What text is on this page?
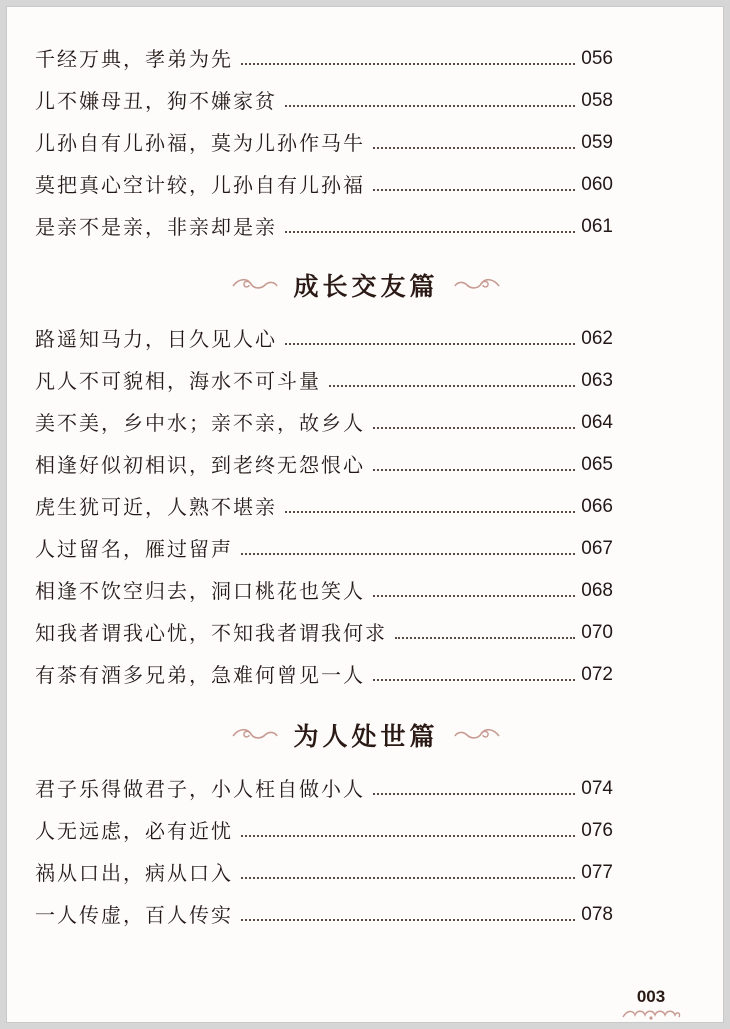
千经万典，孝弟为先	056
儿不嫌母丑，狗不嫌家贫	058
儿孙自有儿孙福，莫为儿孙作马牛	059
莫把真心空计较，儿孙自有儿孙福	060
是亲不是亲，非亲却是亲	061
成长交友篇
路遥知马力，日久见人心	062
凡人不可貌相，海水不可斗量	063
美不美，乡中水；亲不亲，故乡人	064
相逢好似初相识，到老终无怨恨心	065
虎生犹可近，人熟不堪亲	066
人过留名，雁过留声	067
相逢不饮空归去，洞口桃花也笑人	068
知我者谓我心忧，不知我者谓我何求	070
有茶有酒多兄弟，急难何曾见一人	072
为人处世篇
君子乐得做君子，小人枉自做小人	074
人无远虑，必有近忧	076
祸从口出，病从口入	077
一人传虚，百人传实	078
003
